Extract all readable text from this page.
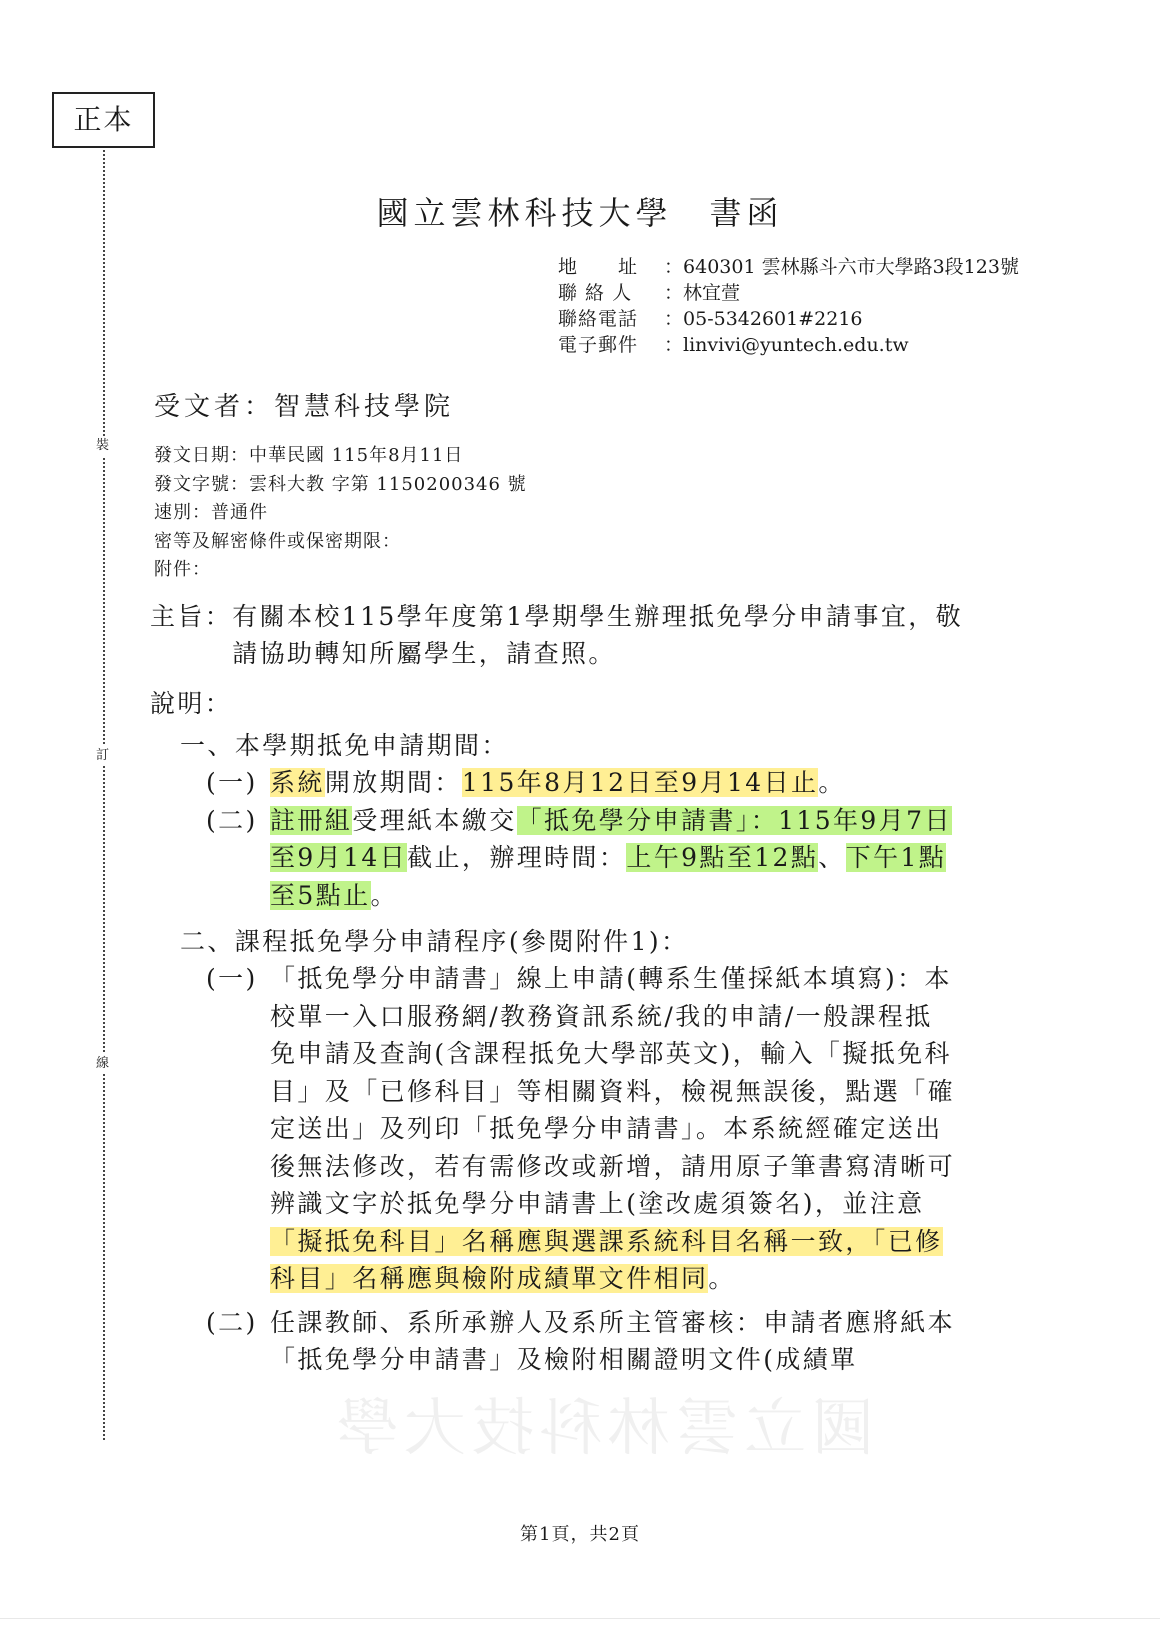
正本
裝
訂
線
國立雲林科技大學　書函
地　　址 ：640301 雲林縣斗六市大學路3段123號
聯 絡 人 ：林宜萱
聯絡電話 ：05-5342601#2216
電子郵件 ：linvivi@yuntech.edu.tw
受文者：智慧科技學院
發文日期：中華民國 115年8月11日
發文字號：雲科大教 字第 1150200346 號
速別：普通件
密等及解密條件或保密期限：
附件：
主旨： 有關本校115學年度第1學期學生辦理抵免學分申請事宜，敬請協助轉知所屬學生，請查照。
說明：
一、 本學期抵免申請期間：
(一) 系統開放期間：115年8月12日至9月14日止。
(二) 註冊組受理紙本繳交「抵免學分申請書」：115年9月7日至9月14日截止，辦理時間：上午9點至12點、下午1點至5點止。
二、 課程抵免學分申請程序(參閱附件1)：
(一) 「抵免學分申請書」線上申請(轉系生僅採紙本填寫)：本校單一入口服務網/教務資訊系統/我的申請/一般課程抵免申請及查詢(含課程抵免大學部英文)，輸入「擬抵免科目」及「已修科目」等相關資料，檢視無誤後，點選「確定送出」及列印「抵免學分申請書」。本系統經確定送出後無法修改，若有需修改或新增，請用原子筆書寫清晰可辨識文字於抵免學分申請書上(塗改處須簽名)，並注意「擬抵免科目」名稱應與選課系統科目名稱一致，「已修科目」名稱應與檢附成績單文件相同。
(二) 任課教師、系所承辦人及系所主管審核：申請者應將紙本「抵免學分申請書」及檢附相關證明文件(成績單
國立雲林科技大學
第1頁，共2頁
